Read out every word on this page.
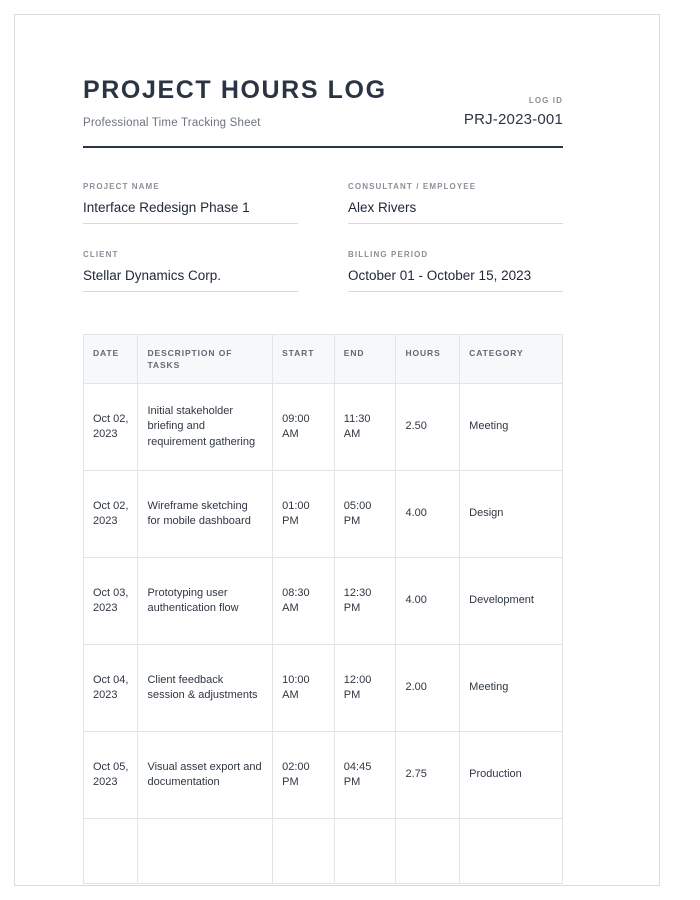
PROJECT HOURS LOG
Professional Time Tracking Sheet
LOG ID
PRJ-2023-001
PROJECT NAME
Interface Redesign Phase 1
CONSULTANT / EMPLOYEE
Alex Rivers
CLIENT
Stellar Dynamics Corp.
BILLING PERIOD
October 01 - October 15, 2023
DATE	DESCRIPTION OF TASKS	START	END	HOURS	CATEGORY
Oct 02, 2023	Initial stakeholder briefing and requirement gathering	09:00 AM	11:30 AM	2.50	Meeting
Oct 02, 2023	Wireframe sketching for mobile dashboard	01:00 PM	05:00 PM	4.00	Design
Oct 03, 2023	Prototyping user authentication flow	08:30 AM	12:30 PM	4.00	Development
Oct 04, 2023	Client feedback session & adjustments	10:00 AM	12:00 PM	2.00	Meeting
Oct 05, 2023	Visual asset export and documentation	02:00 PM	04:45 PM	2.75	Production
